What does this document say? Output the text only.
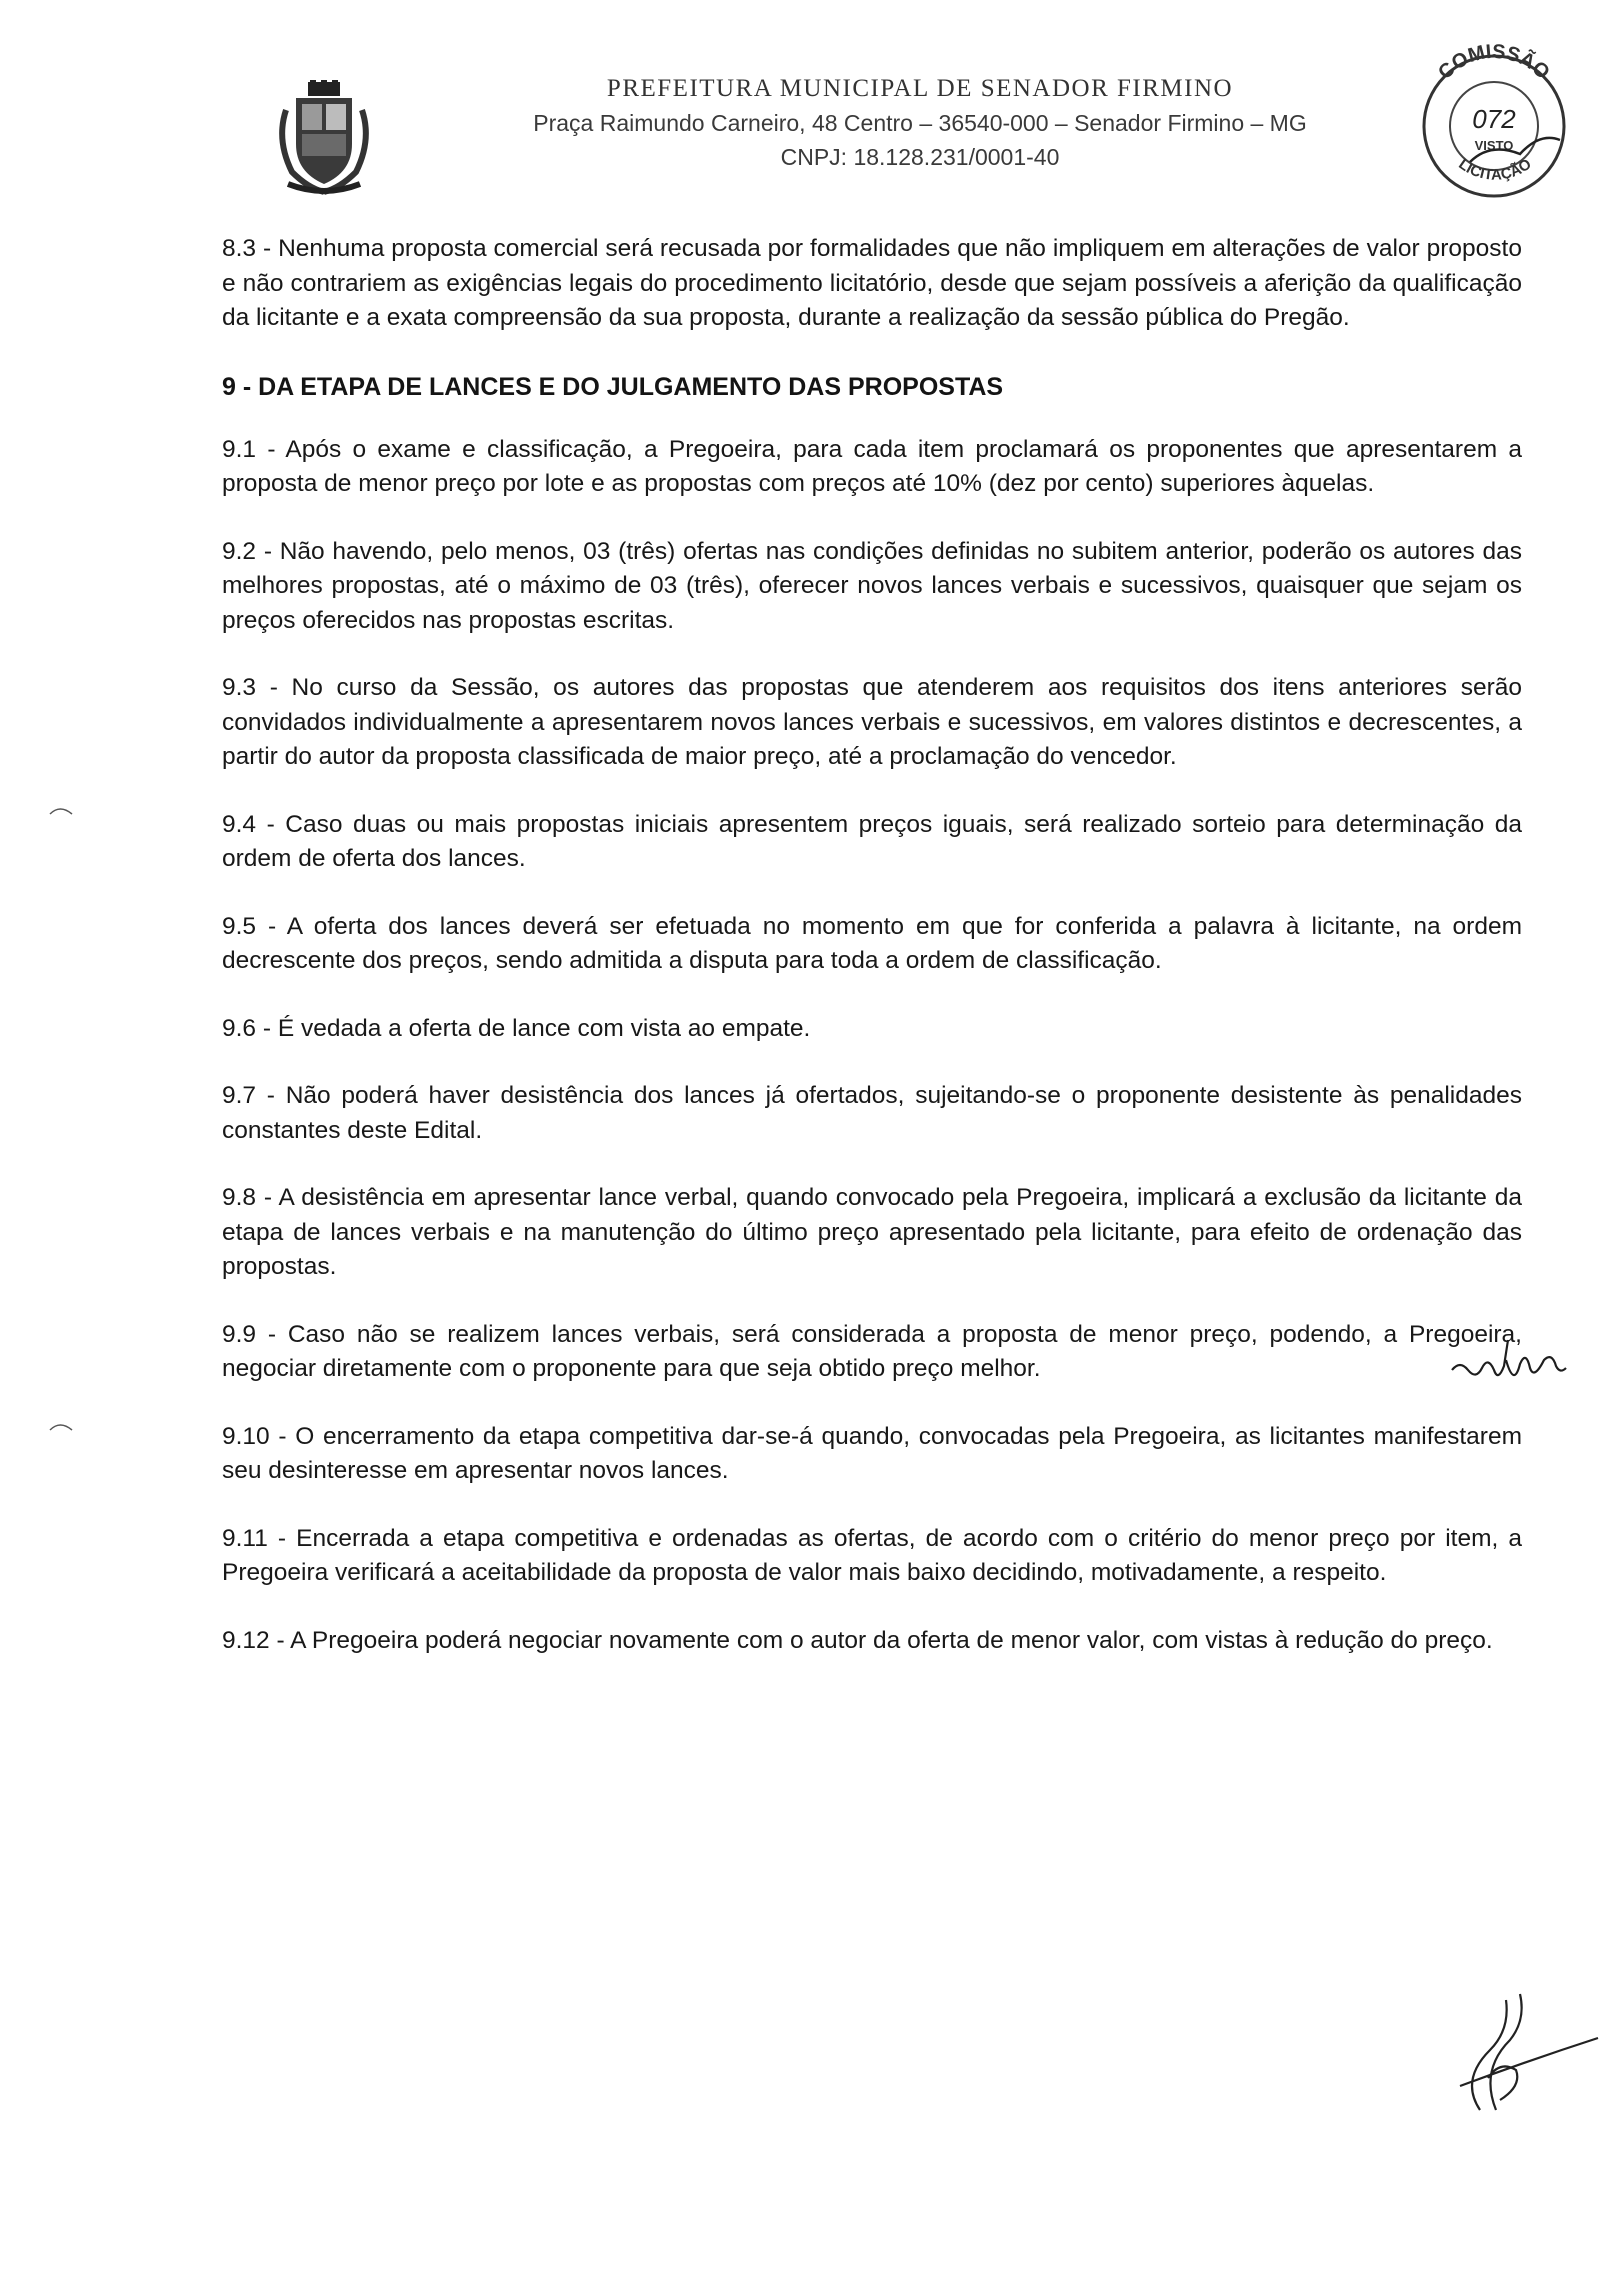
PREFEITURA MUNICIPAL DE SENADOR FIRMINO

Praça Raimundo Carneiro, 48 Centro – 36540-000 – Senador Firmino – MG

CNPJ: 18.128.231/0001-40

COMISSÃO
072
VISTO
LICITAÇÃO

8.3 - Nenhuma proposta comercial será recusada por formalidades que não impliquem em alterações de valor proposto e não contrariem as exigências legais do procedimento licitatório, desde que sejam possíveis a aferição da qualificação da licitante e a exata compreensão da sua proposta, durante a realização da sessão pública do Pregão.

9 - DA ETAPA DE LANCES E DO JULGAMENTO DAS PROPOSTAS

9.1 - Após o exame e classificação, a Pregoeira, para cada item proclamará os proponentes que apresentarem a proposta de menor preço por lote e as propostas com preços até 10% (dez por cento) superiores àquelas.

9.2 - Não havendo, pelo menos, 03 (três) ofertas nas condições definidas no subitem anterior, poderão os autores das melhores propostas, até o máximo de 03 (três), oferecer novos lances verbais e sucessivos, quaisquer que sejam os preços oferecidos nas propostas escritas.

9.3 - No curso da Sessão, os autores das propostas que atenderem aos requisitos dos itens anteriores serão convidados individualmente a apresentarem novos lances verbais e sucessivos, em valores distintos e decrescentes, a partir do autor da proposta classificada de maior preço, até a proclamação do vencedor.

9.4 - Caso duas ou mais propostas iniciais apresentem preços iguais, será realizado sorteio para determinação da ordem de oferta dos lances.

9.5 - A oferta dos lances deverá ser efetuada no momento em que for conferida a palavra à licitante, na ordem decrescente dos preços, sendo admitida a disputa para toda a ordem de classificação.

9.6 - É vedada a oferta de lance com vista ao empate.

9.7 - Não poderá haver desistência dos lances já ofertados, sujeitando-se o proponente desistente às penalidades constantes deste Edital.

9.8 - A desistência em apresentar lance verbal, quando convocado pela Pregoeira, implicará a exclusão da licitante da etapa de lances verbais e na manutenção do último preço apresentado pela licitante, para efeito de ordenação das propostas.

9.9 - Caso não se realizem lances verbais, será considerada a proposta de menor preço, podendo, a Pregoeira, negociar diretamente com o proponente para que seja obtido preço melhor.

9.10 - O encerramento da etapa competitiva dar-se-á quando, convocadas pela Pregoeira, as licitantes manifestarem seu desinteresse em apresentar novos lances.

9.11 - Encerrada a etapa competitiva e ordenadas as ofertas, de acordo com o critério do menor preço por item, a Pregoeira verificará a aceitabilidade da proposta de valor mais baixo decidindo, motivadamente, a respeito.

9.12 - A Pregoeira poderá negociar novamente com o autor da oferta de menor valor, com vistas à redução do preço.
